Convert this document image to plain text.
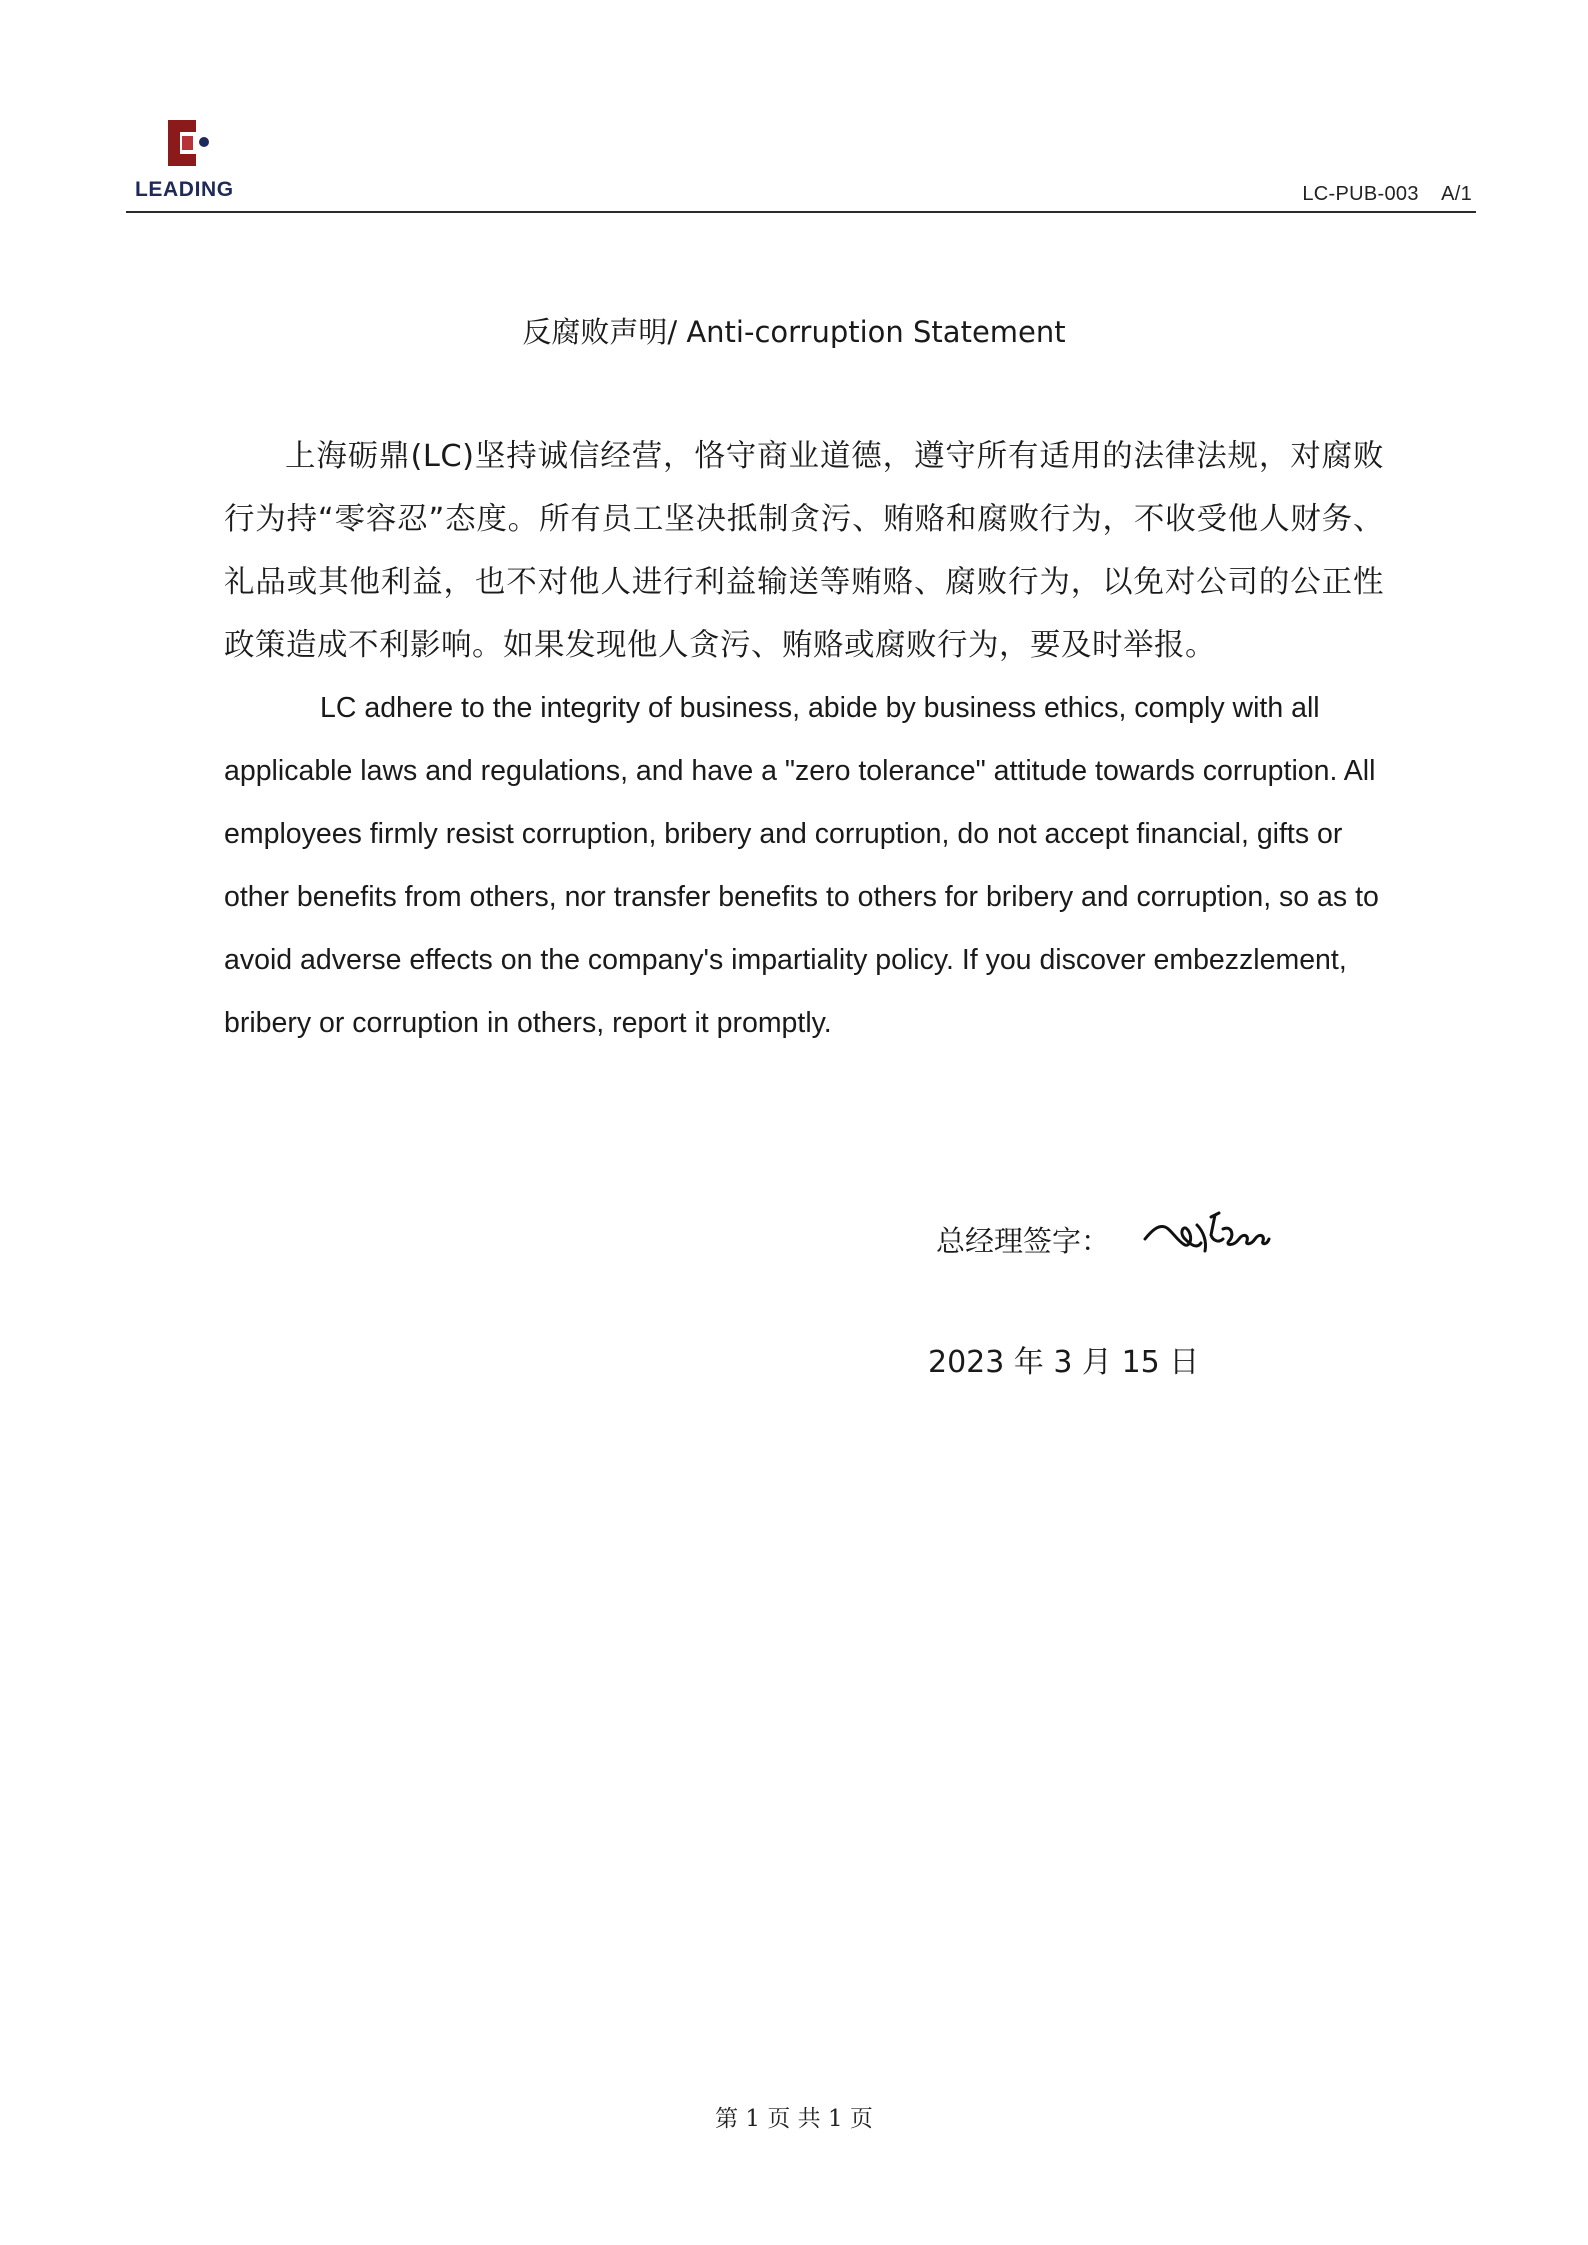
LEADING	LC-PUB-003    A/1
反腐败声明/ Anti-corruption Statement

上海砺鼎(LC)坚持诚信经营，恪守商业道德，遵守所有适用的法律法规，对腐败行为持“零容忍”态度。所有员工坚决抵制贪污、贿赂和腐败行为，不收受他人财务、礼品或其他利益，也不对他人进行利益输送等贿赂、腐败行为，以免对公司的公正性政策造成不利影响。如果发现他人贪污、贿赂或腐败行为，要及时举报。

LC adhere to the integrity of business, abide by business ethics, comply with all applicable laws and regulations, and have a "zero tolerance" attitude towards corruption. All employees firmly resist corruption, bribery and corruption, do not accept financial, gifts or other benefits from others, nor transfer benefits to others for bribery and corruption, so as to avoid adverse effects on the company's impartiality policy. If you discover embezzlement, bribery or corruption in others, report it promptly.

总经理签字：
2023 年 3 月 15 日
第 1 页 共 1 页
